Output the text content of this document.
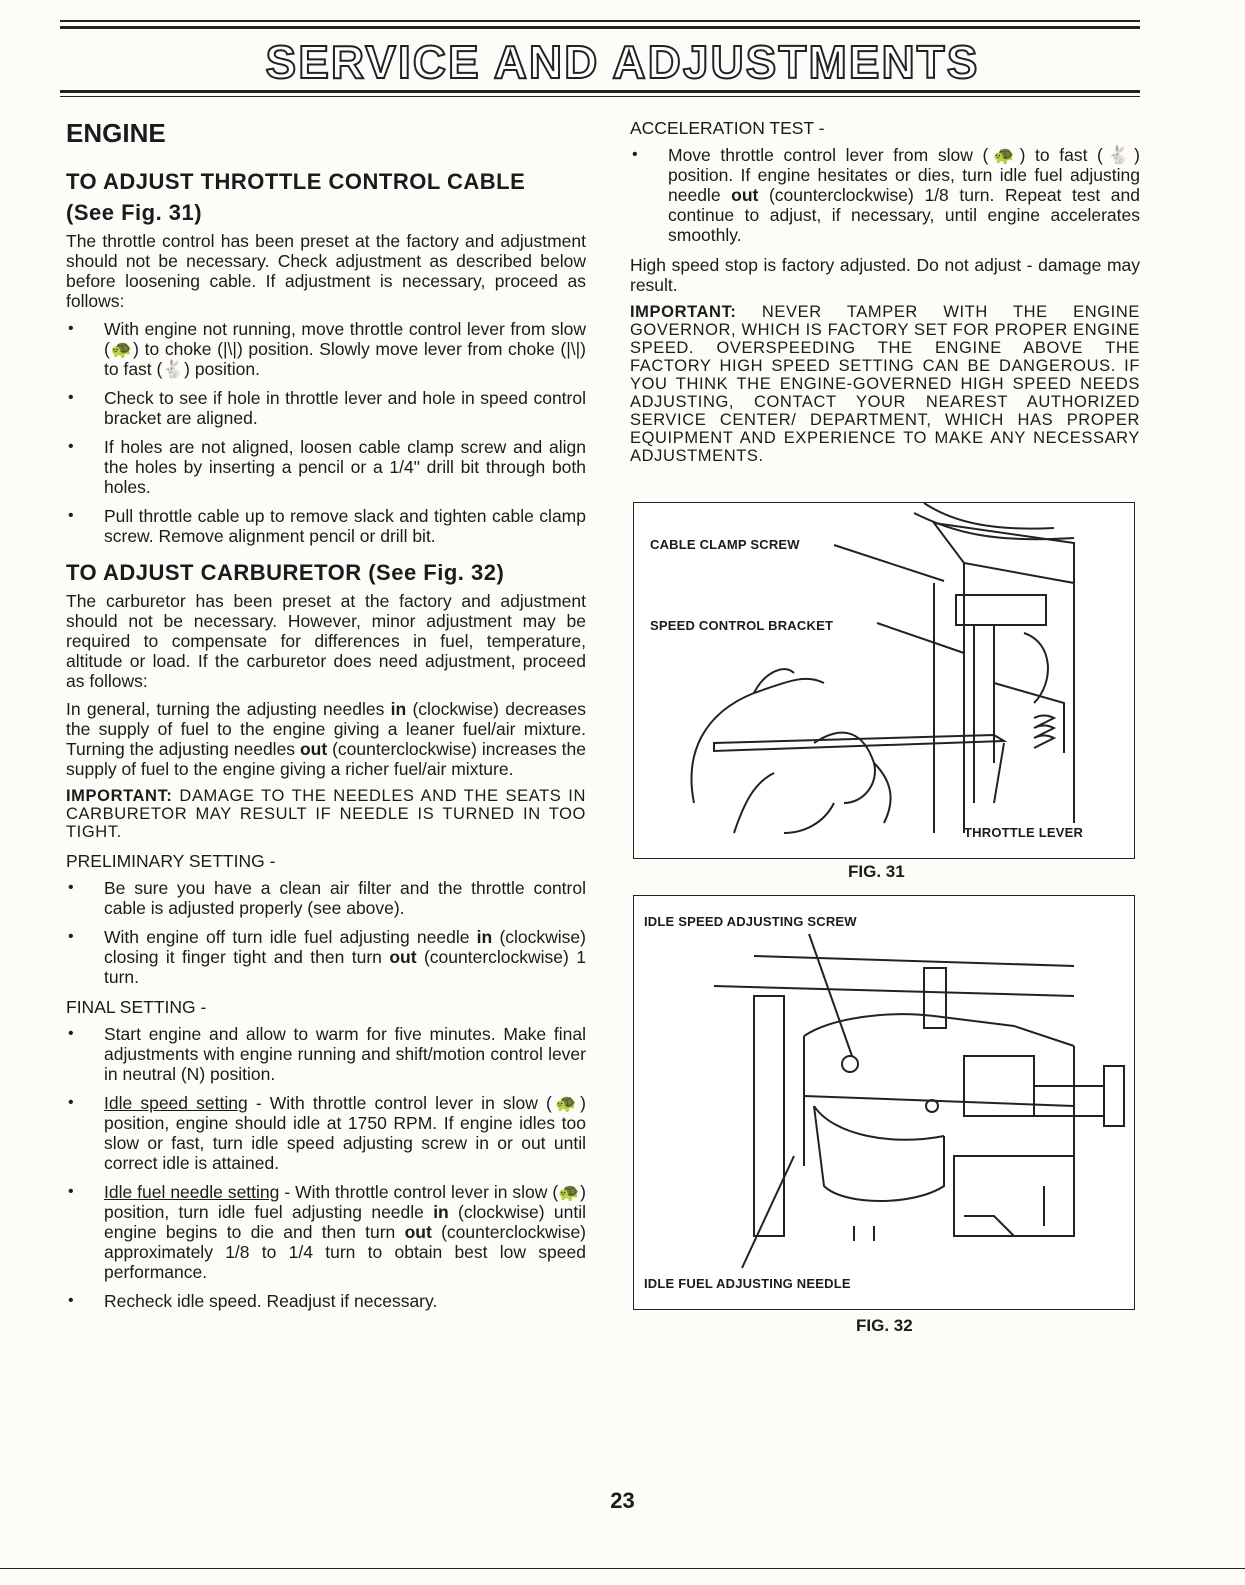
SERVICE AND ADJUSTMENTS
ENGINE
TO ADJUST THROTTLE CONTROL CABLE
(See Fig. 31)

The throttle control has been preset at the factory and adjustment should not be necessary. Check adjustment as described below before loosening cable. If adjustment is necessary, proceed as follows:

• With engine not running, move throttle control lever from slow (🐢) to choke (|\|) position. Slowly move lever from choke (|\|) to fast (🐇) position.
• Check to see if hole in throttle lever and hole in speed control bracket are aligned.
• If holes are not aligned, loosen cable clamp screw and align the holes by inserting a pencil or a 1/4" drill bit through both holes.
• Pull throttle cable up to remove slack and tighten cable clamp screw. Remove alignment pencil or drill bit.
TO ADJUST CARBURETOR (See Fig. 32)

The carburetor has been preset at the factory and adjustment should not be necessary. However, minor adjustment may be required to compensate for differences in fuel, temperature, altitude or load. If the carburetor does need adjustment, proceed as follows:

In general, turning the adjusting needles in (clockwise) decreases the supply of fuel to the engine giving a leaner fuel/air mixture. Turning the adjusting needles out (counterclockwise) increases the supply of fuel to the engine giving a richer fuel/air mixture.

IMPORTANT: DAMAGE TO THE NEEDLES AND THE SEATS IN CARBURETOR MAY RESULT IF NEEDLE IS TURNED IN TOO TIGHT.

PRELIMINARY SETTING -
• Be sure you have a clean air filter and the throttle control cable is adjusted properly (see above).
• With engine off turn idle fuel adjusting needle in (clockwise) closing it finger tight and then turn out (counterclockwise) 1 turn.
FINAL SETTING -
• Start engine and allow to warm for five minutes. Make final adjustments with engine running and shift/motion control lever in neutral (N) position.
• Idle speed setting - With throttle control lever in slow (🐢) position, engine should idle at 1750 RPM. If engine idles too slow or fast, turn idle speed adjusting screw in or out until correct idle is attained.
• Idle fuel needle setting - With throttle control lever in slow (🐢) position, turn idle fuel adjusting needle in (clockwise) until engine begins to die and then turn out (counterclockwise) approximately 1/8 to 1/4 turn to obtain best low speed performance.
• Recheck idle speed. Readjust if necessary.
ACCELERATION TEST -
• Move throttle control lever from slow (🐢) to fast (🐇) position. If engine hesitates or dies, turn idle fuel adjusting needle out (counterclockwise) 1/8 turn. Repeat test and continue to adjust, if necessary, until engine accelerates smoothly.

High speed stop is factory adjusted. Do not adjust - damage may result.

IMPORTANT: NEVER TAMPER WITH THE ENGINE GOVERNOR, WHICH IS FACTORY SET FOR PROPER ENGINE SPEED. OVERSPEEDING THE ENGINE ABOVE THE FACTORY HIGH SPEED SETTING CAN BE DANGEROUS. IF YOU THINK THE ENGINE-GOVERNED HIGH SPEED NEEDS ADJUSTING, CONTACT YOUR NEAREST AUTHORIZED SERVICE CENTER/ DEPARTMENT, WHICH HAS PROPER EQUIPMENT AND EXPERIENCE TO MAKE ANY NECESSARY ADJUSTMENTS.

CABLE CLAMP SCREW
SPEED CONTROL BRACKET
THROTTLE LEVER
FIG. 31
IDLE SPEED ADJUSTING SCREW
IDLE FUEL ADJUSTING NEEDLE
FIG. 32
23
